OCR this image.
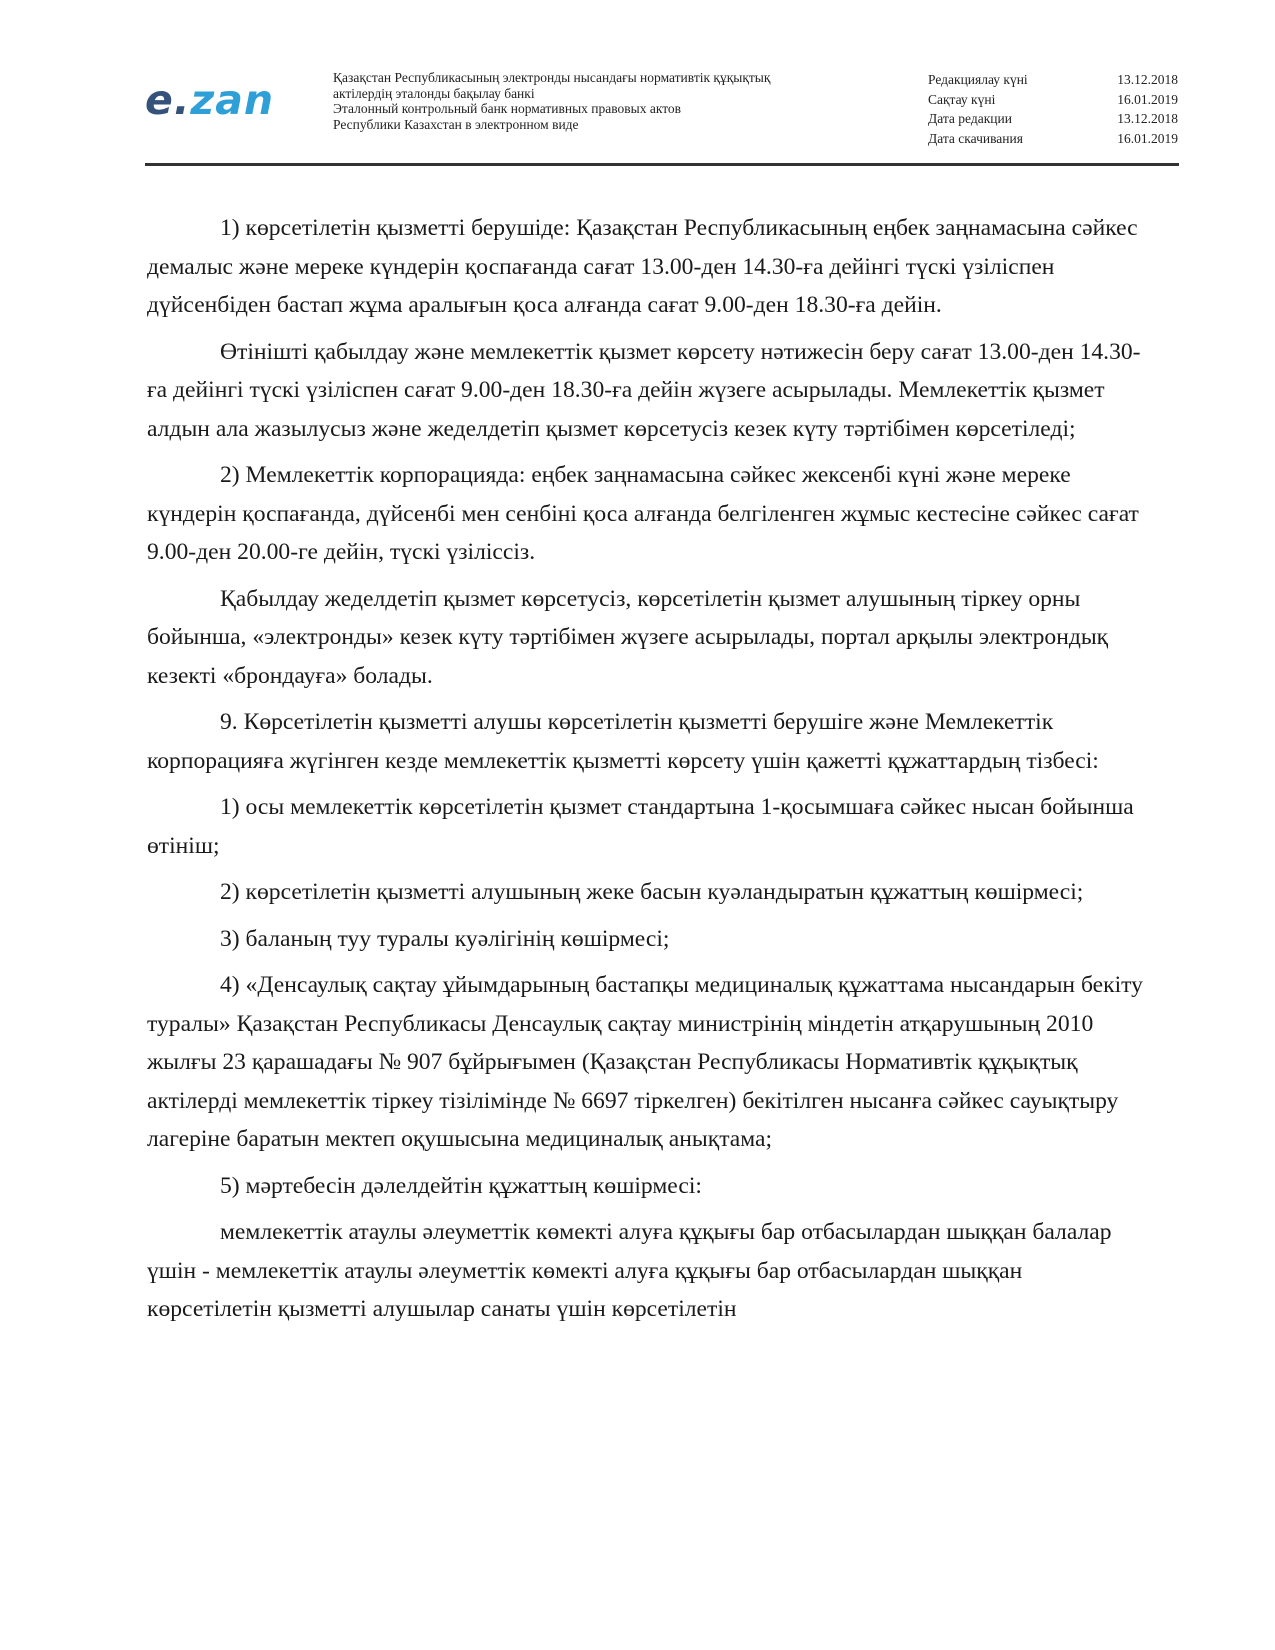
e.zan	Қазақстан Республикасының электронды нысандағы нормативтік құқықтық
актілердің эталонды бақылау банкі
Эталонный контрольный банк нормативных правовых актов
Республики Казахстан в электронном виде
Редакциялау күні	13.12.2018
Сақтау күні	16.01.2019
Дата редакции	13.12.2018
Дата скачивания	16.01.2019

1) көрсетілетін қызметті берушіде: Қазақстан Республикасының еңбек заңнамасына сәйкес демалыс және мереке күндерін қоспағанда сағат 13.00-ден 14.30-ға дейінгі түскі үзіліспен дүйсенбіден бастап жұма аралығын қоса алғанда сағат 9.00-ден 18.30-ға дейін.

Өтінішті қабылдау және мемлекеттік қызмет көрсету нәтижесін беру сағат 13.00-ден 14.30-ға дейінгі түскі үзіліспен сағат 9.00-ден 18.30-ға дейін жүзеге асырылады. Мемлекеттік қызмет алдын ала жазылусыз және жеделдетіп қызмет көрсетусіз кезек күту тәртібімен көрсетіледі;

2) Мемлекеттік корпорацияда: еңбек заңнамасына сәйкес жексенбі күні және мереке күндерін қоспағанда, дүйсенбі мен сенбіні қоса алғанда белгіленген жұмыс кестесіне сәйкес сағат 9.00-ден 20.00-ге дейін, түскі үзіліссіз.

Қабылдау жеделдетіп қызмет көрсетусіз, көрсетілетін қызмет алушының тіркеу орны бойынша, «электронды» кезек күту тәртібімен жүзеге асырылады, портал арқылы электрондық кезекті «брондауға» болады.

9. Көрсетілетін қызметті алушы көрсетілетін қызметті берушіге және Мемлекеттік корпорацияға жүгінген кезде мемлекеттік қызметті көрсету үшін қажетті құжаттардың тізбесі:

1) осы мемлекеттік көрсетілетін қызмет стандартына 1-қосымшаға сәйкес нысан бойынша өтініш;

2) көрсетілетін қызметті алушының жеке басын куәландыратын құжаттың көшірмесі;

3) баланың туу туралы куәлігінің көшірмесі;

4) «Денсаулық сақтау ұйымдарының бастапқы медициналық құжаттама нысандарын бекіту туралы» Қазақстан Республикасы Денсаулық сақтау министрінің міндетін атқарушының 2010 жылғы 23 қарашадағы № 907 бұйрығымен (Қазақстан Республикасы Нормативтік құқықтық актілерді мемлекеттік тіркеу тізілімінде № 6697 тіркелген) бекітілген нысанға сәйкес сауықтыру лагеріне баратын мектеп оқушысына медициналық анықтама;

5) мәртебесін дәлелдейтін құжаттың көшірмесі:

мемлекеттік атаулы әлеуметтік көмекті алуға құқығы бар отбасылардан шыққан балалар үшін - мемлекеттік атаулы әлеуметтік көмекті алуға құқығы бар отбасылардан шыққан көрсетілетін қызметті алушылар санаты үшін көрсетілетін
